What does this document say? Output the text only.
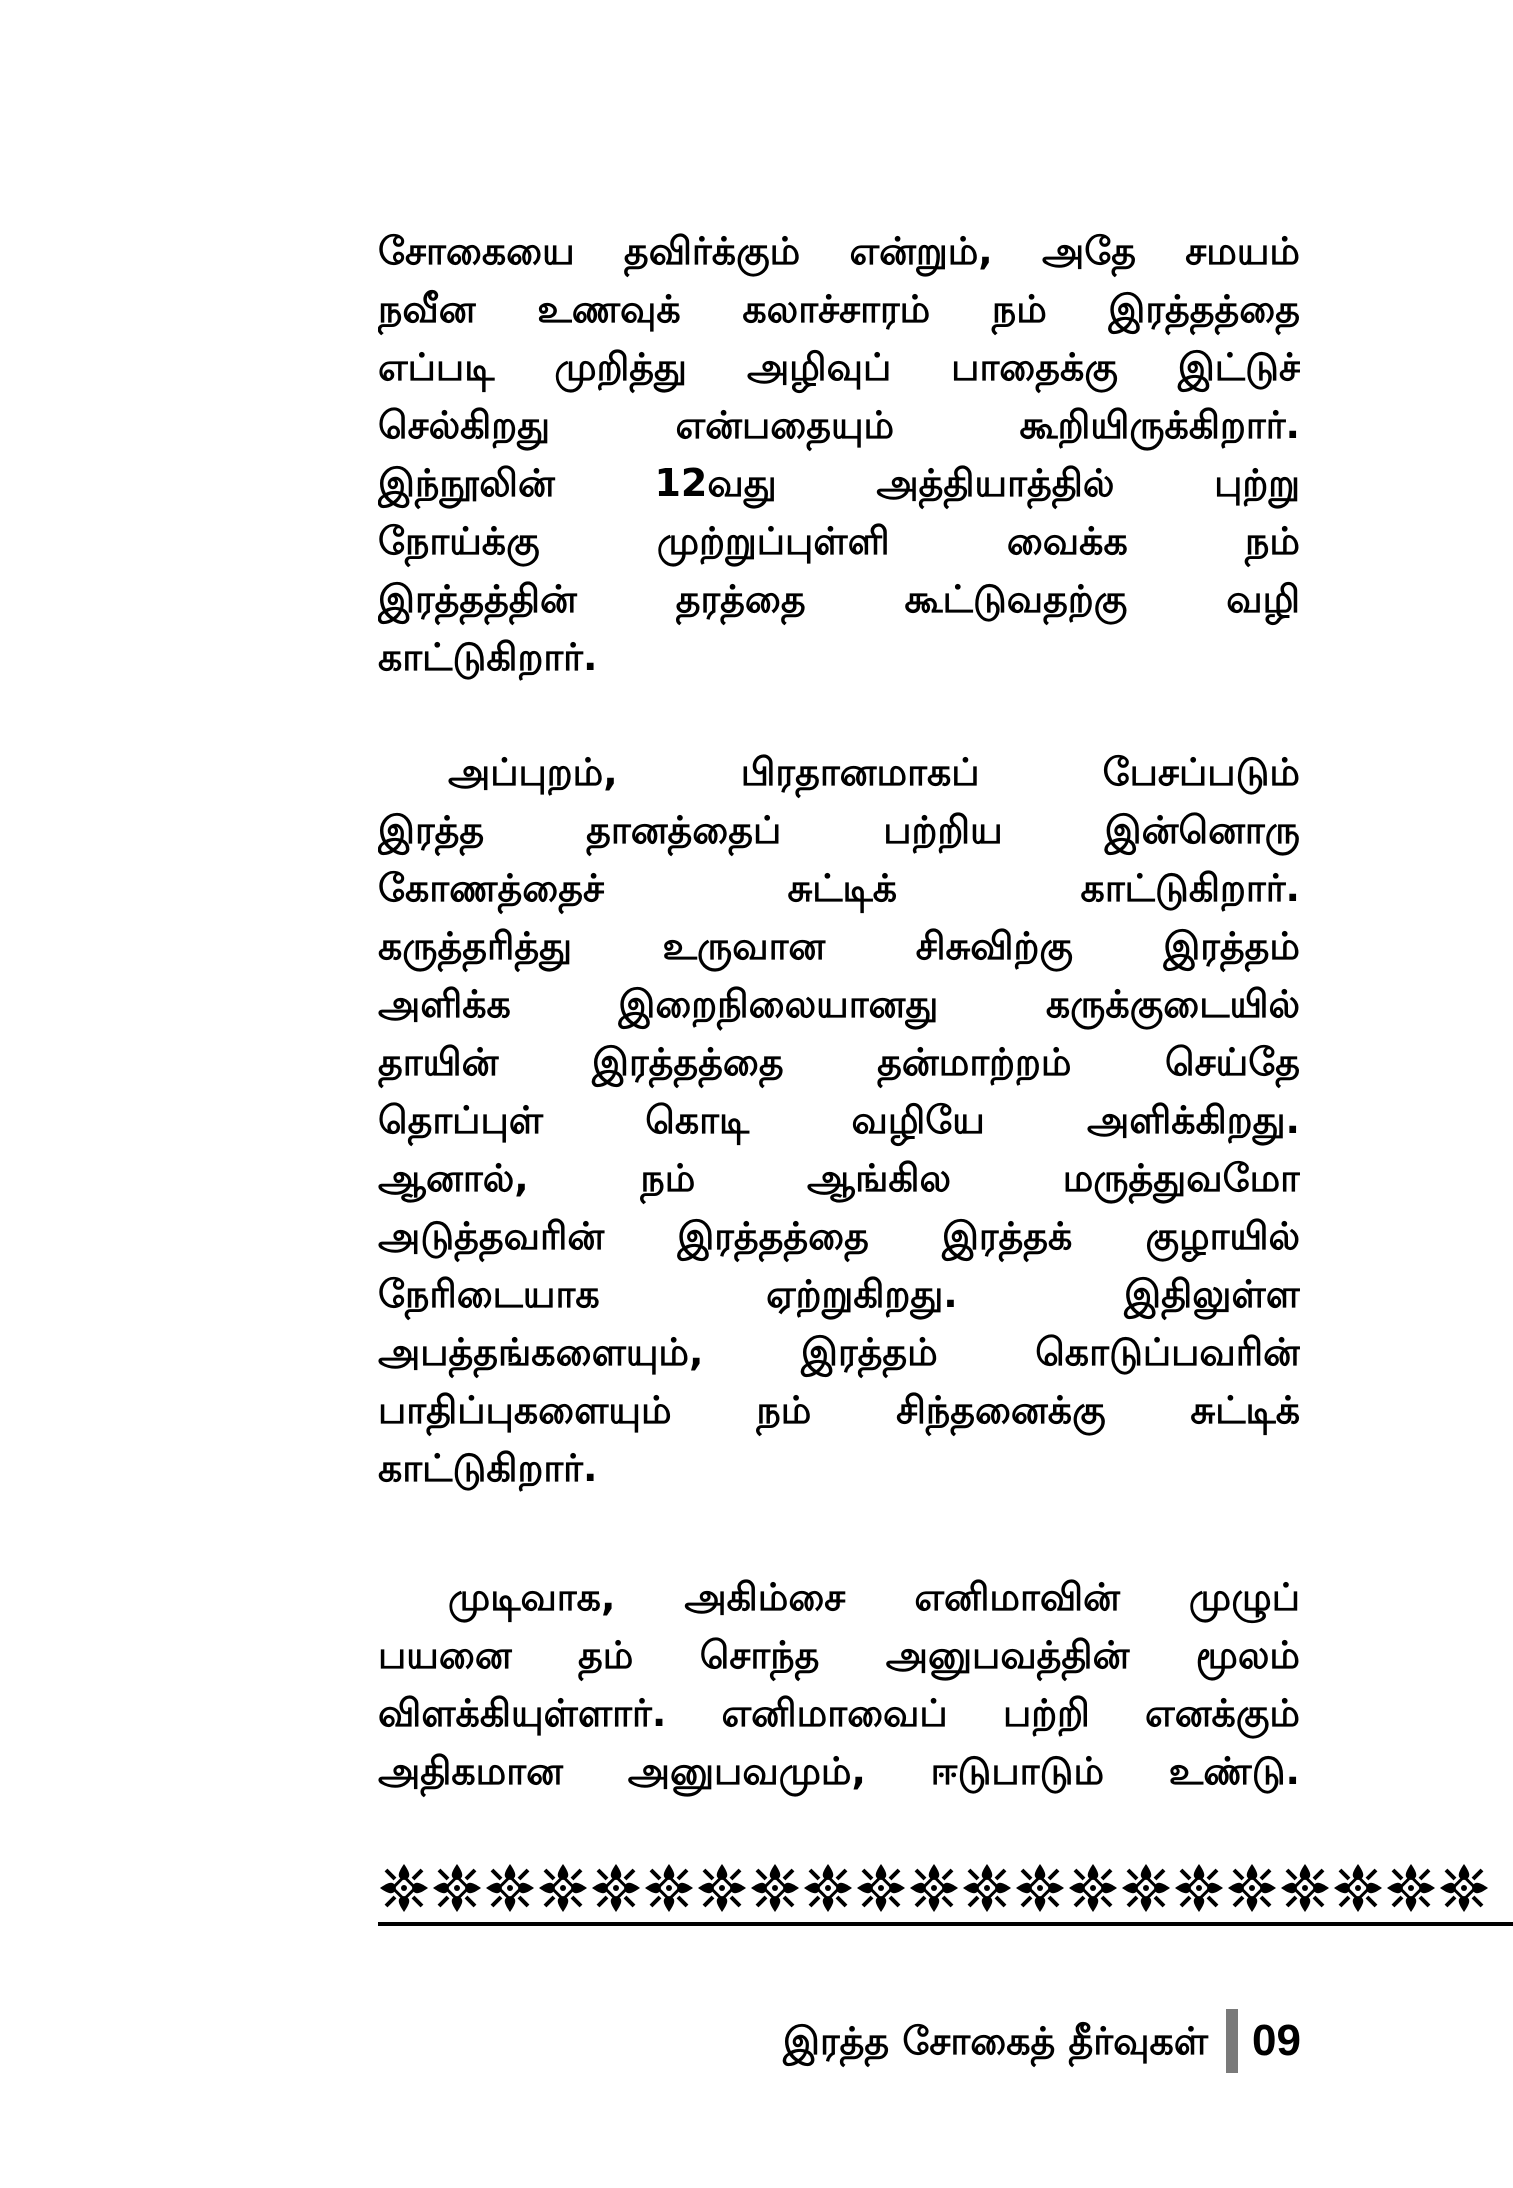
சோகையை தவிர்க்கும் என்றும், அதே சமயம்
நவீன உணவுக் கலாச்சாரம் நம் இரத்தத்தை
எப்படி முறித்து அழிவுப் பாதைக்கு இட்டுச்
செல்கிறது என்பதையும் கூறியிருக்கிறார்.
இந்நூலின் 12வது அத்தியாத்தில் புற்று
நோய்க்கு முற்றுப்புள்ளி வைக்க நம்
இரத்தத்தின் தரத்தை கூட்டுவதற்கு வழி
காட்டுகிறார்.
அப்புறம், பிரதானமாகப் பேசப்படும்
இரத்த தானத்தைப் பற்றிய இன்னொரு
கோணத்தைச் சுட்டிக் காட்டுகிறார்.
கருத்தரித்து உருவான சிசுவிற்கு இரத்தம்
அளிக்க இறைநிலையானது கருக்குடையில்
தாயின் இரத்தத்தை தன்மாற்றம் செய்தே
தொப்புள் கொடி வழியே அளிக்கிறது.
ஆனால், நம் ஆங்கில மருத்துவமோ
அடுத்தவரின் இரத்தத்தை இரத்தக் குழாயில்
நேரிடையாக ஏற்றுகிறது. இதிலுள்ள
அபத்தங்களையும், இரத்தம் கொடுப்பவரின்
பாதிப்புகளையும் நம் சிந்தனைக்கு சுட்டிக்
காட்டுகிறார்.
முடிவாக, அகிம்சை எனிமாவின் முழுப்
பயனை தம் சொந்த அனுபவத்தின் மூலம்
விளக்கியுள்ளார். எனிமாவைப் பற்றி எனக்கும்
அதிகமான அனுபவமும், ஈடுபாடும் உண்டு.
இரத்த சோகைத் தீர்வுகள் 09
